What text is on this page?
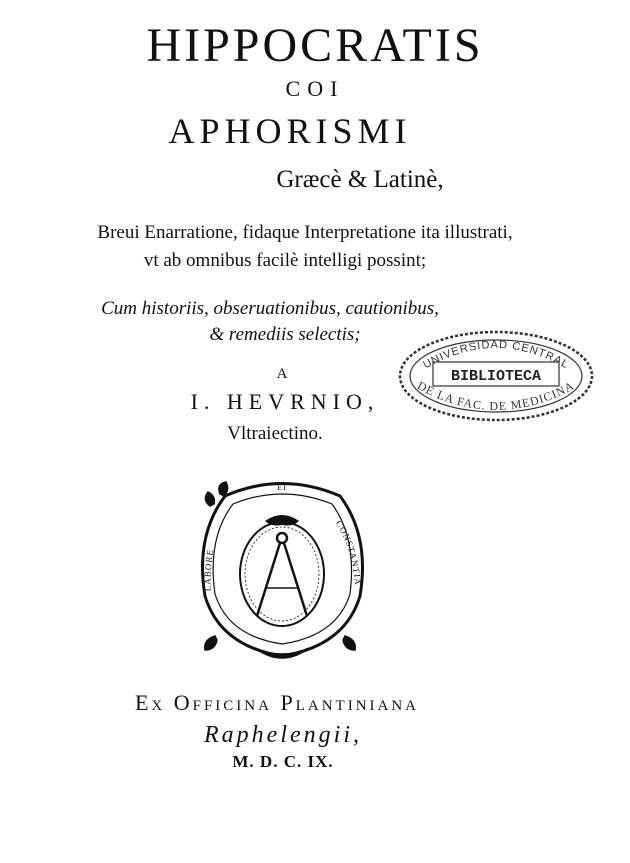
HIPPOCRATIS
COI
APHORISMI
Græcè & Latinè,
Breui Enarratione, fidaque Interpretatione ita illustrati,
vt ab omnibus facilè intelligi possint;
Cum historiis, obseruationibus, cautionibus,
& remediis selectis;
A
I. HEVRNIO,
Vltraiectino.
UNIVERSIDAD CENTRAL
BIBLIOTECA
DE LA FAC. DE MEDICINA
ET
LABORE
CONSTANTIA
Ex Officina Plantiniana
Raphelengii,
M. D. C. IX.
